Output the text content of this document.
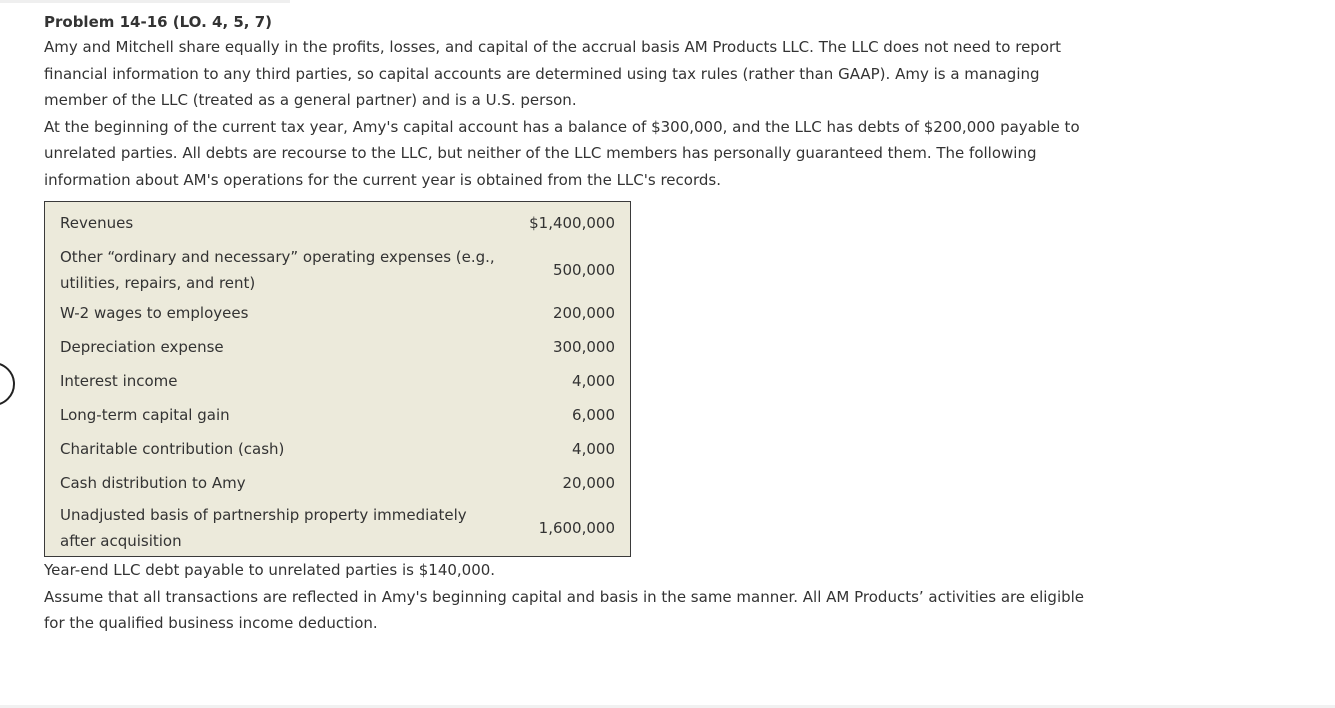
Problem 14-16 (LO. 4, 5, 7)

Amy and Mitchell share equally in the profits, losses, and capital of the accrual basis AM Products LLC. The LLC does not need to report financial information to any third parties, so capital accounts are determined using tax rules (rather than GAAP). Amy is a managing member of the LLC (treated as a general partner) and is a U.S. person.

At the beginning of the current tax year, Amy's capital account has a balance of $300,000, and the LLC has debts of $200,000 payable to unrelated parties. All debts are recourse to the LLC, but neither of the LLC members has personally guaranteed them. The following information about AM's operations for the current year is obtained from the LLC's records.

Revenues	$1,400,000
Other “ordinary and necessary” operating expenses (e.g., utilities, repairs, and rent)	500,000
W-2 wages to employees	200,000
Depreciation expense	300,000
Interest income	4,000
Long-term capital gain	6,000
Charitable contribution (cash)	4,000
Cash distribution to Amy	20,000
Unadjusted basis of partnership property immediately after acquisition	1,600,000

Year-end LLC debt payable to unrelated parties is $140,000.

Assume that all transactions are reflected in Amy's beginning capital and basis in the same manner. All AM Products’ activities are eligible for the qualified business income deduction.
